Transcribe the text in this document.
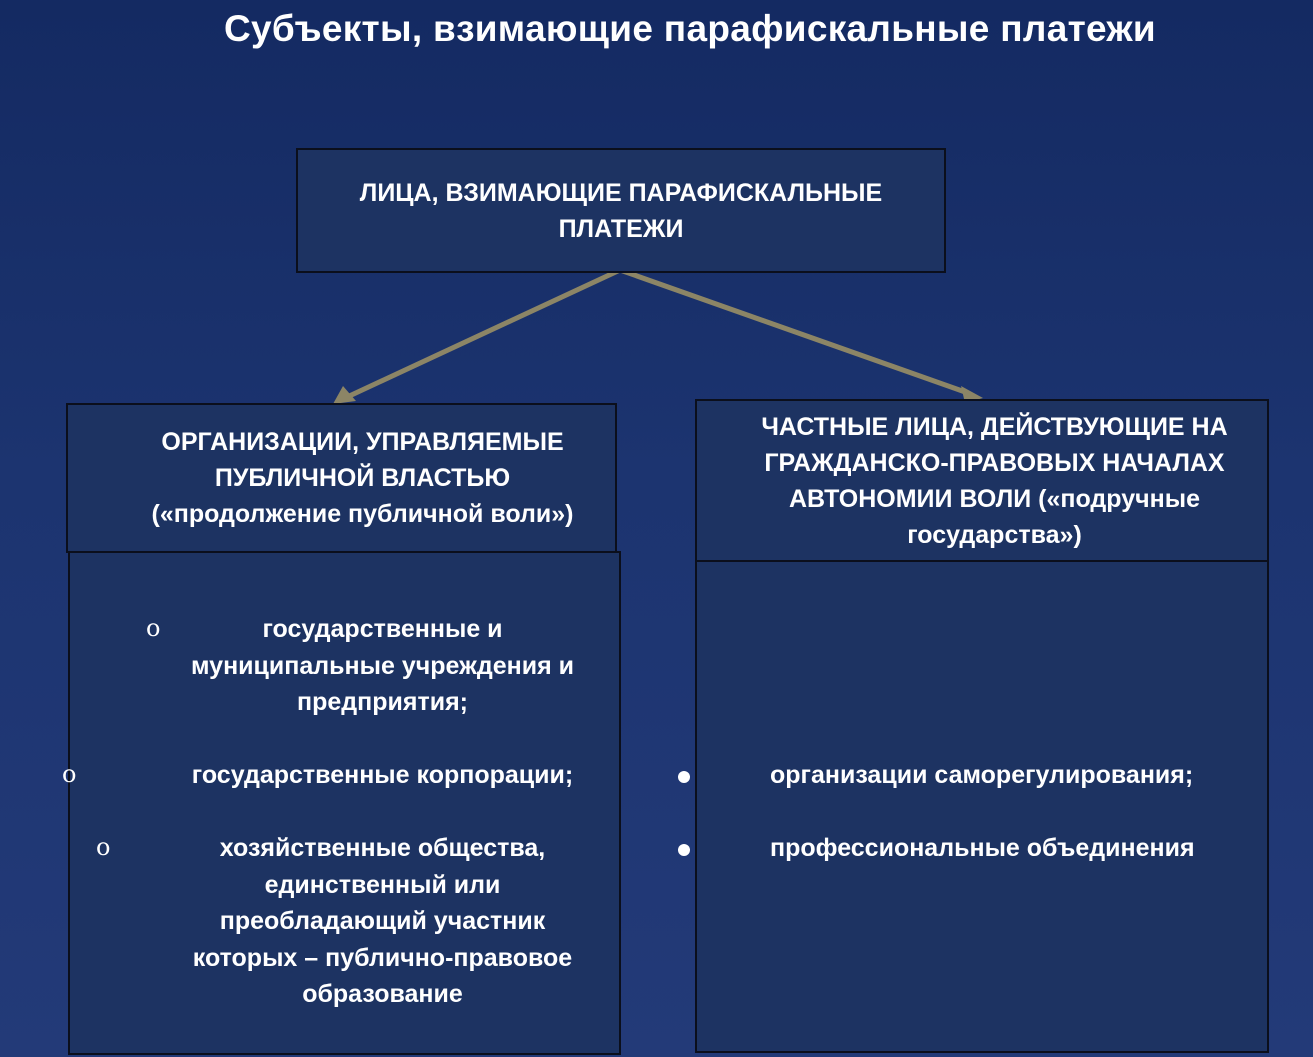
Субъекты, взимающие парафискальные платежи
ЛИЦА, ВЗИМАЮЩИЕ ПАРАФИСКАЛЬНЫЕ
ПЛАТЕЖИ
ОРГАНИЗАЦИИ, УПРАВЛЯЕМЫЕ
ПУБЛИЧНОЙ ВЛАСТЬЮ
(«продолжение публичной воли»)
o	государственные и
муниципальные учреждения и
предприятия;
o	государственные корпорации;
o	хозяйственные общества,
единственный или
преобладающий участник
которых – публично-правовое
образование
ЧАСТНЫЕ ЛИЦА, ДЕЙСТВУЮЩИЕ НА
ГРАЖДАНСКО-ПРАВОВЫХ НАЧАЛАХ
АВТОНОМИИ ВОЛИ («подручные
государства»)
организации саморегулирования;
профессиональные объединения
